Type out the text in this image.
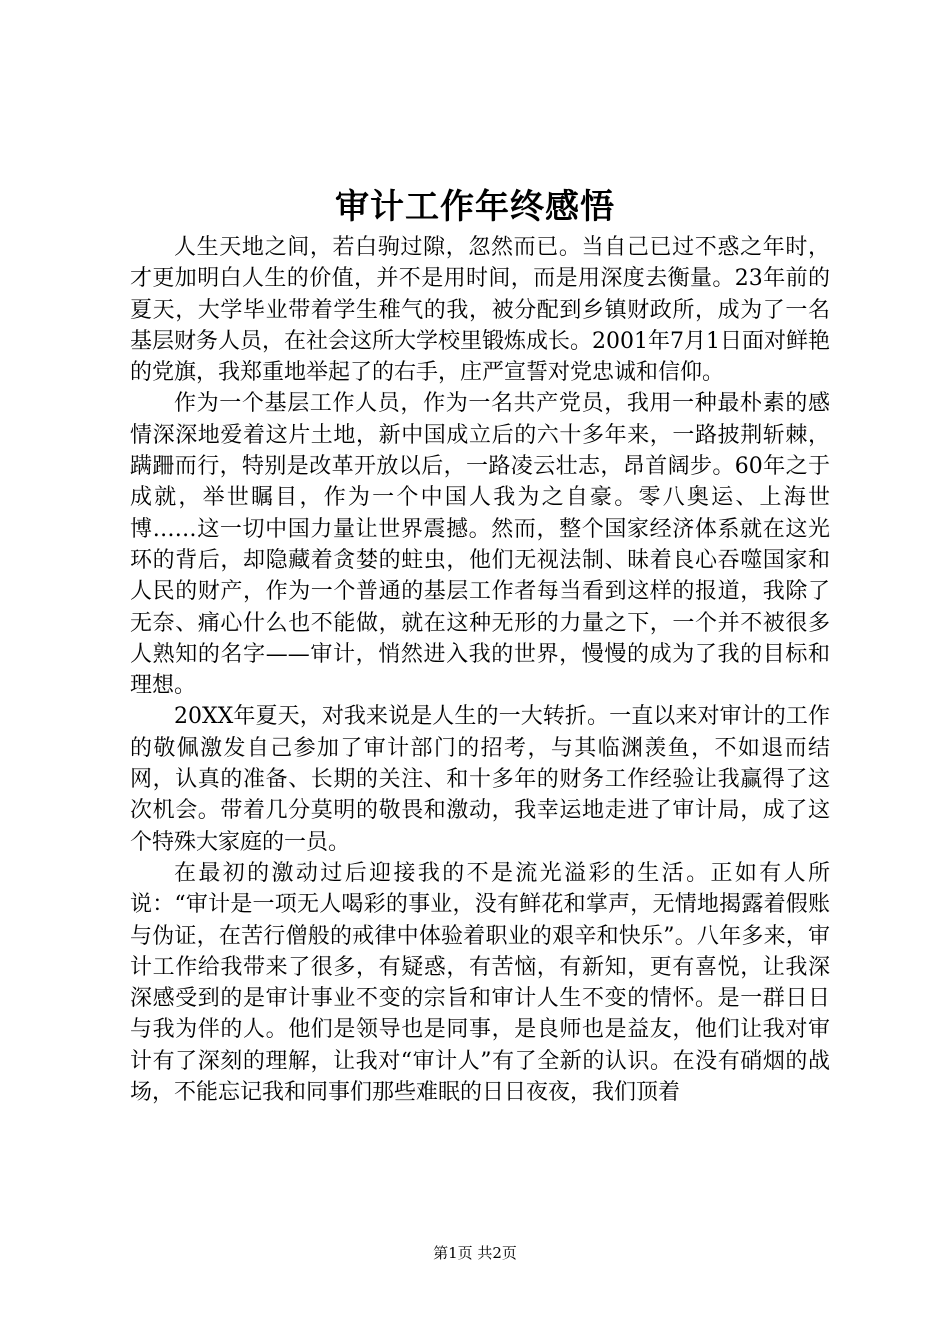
审计工作年终感悟

人生天地之间，若白驹过隙，忽然而已。当自己已过不惑之年时，才更加明白人生的价值，并不是用时间，而是用深度去衡量。23年前的夏天，大学毕业带着学生稚气的我，被分配到乡镇财政所，成为了一名基层财务人员，在社会这所大学校里锻炼成长。2001年7月1日面对鲜艳的党旗，我郑重地举起了的右手，庄严宣誓对党忠诚和信仰。

作为一个基层工作人员，作为一名共产党员，我用一种最朴素的感情深深地爱着这片土地，新中国成立后的六十多年来，一路披荆斩棘，蹒跚而行，特别是改革开放以后，一路凌云壮志，昂首阔步。60年之于成就，举世瞩目，作为一个中国人我为之自豪。零八奥运、上海世博……这一切中国力量让世界震撼。然而，整个国家经济体系就在这光环的背后，却隐藏着贪婪的蛀虫，他们无视法制、昧着良心吞噬国家和人民的财产，作为一个普通的基层工作者每当看到这样的报道，我除了无奈、痛心什么也不能做，就在这种无形的力量之下，一个并不被很多人熟知的名字——审计，悄然进入我的世界，慢慢的成为了我的目标和理想。

20XX年夏天，对我来说是人生的一大转折。一直以来对审计的工作的敬佩激发自己参加了审计部门的招考，与其临渊羡鱼，不如退而结网，认真的准备、长期的关注、和十多年的财务工作经验让我赢得了这次机会。带着几分莫明的敬畏和激动，我幸运地走进了审计局，成了这个特殊大家庭的一员。

在最初的激动过后迎接我的不是流光溢彩的生活。正如有人所说：“审计是一项无人喝彩的事业，没有鲜花和掌声，无情地揭露着假账与伪证，在苦行僧般的戒律中体验着职业的艰辛和快乐”。八年多来，审计工作给我带来了很多，有疑惑，有苦恼，有新知，更有喜悦，让我深深感受到的是审计事业不变的宗旨和审计人生不变的情怀。是一群日日与我为伴的人。他们是领导也是同事，是良师也是益友，他们让我对审计有了深刻的理解，让我对“审计人”有了全新的认识。在没有硝烟的战场，不能忘记我和同事们那些难眠的日日夜夜，我们顶着

第1页 共2页
